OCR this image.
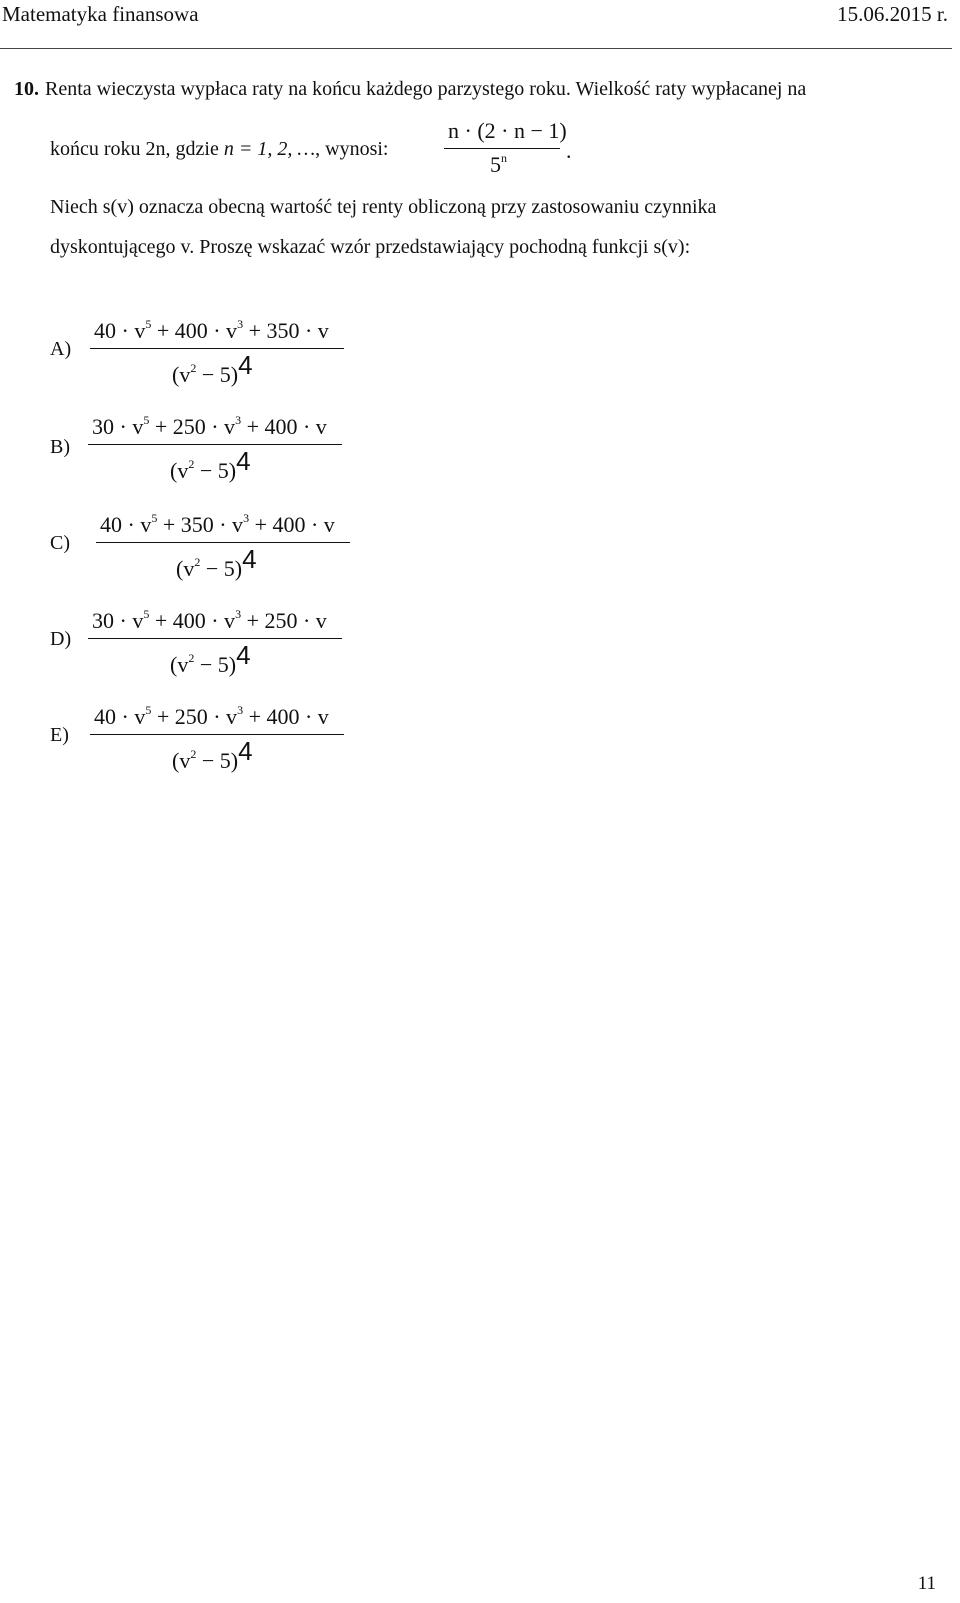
Matematyka finansowa	15.06.2015 r.
10. Renta wieczysta wypłaca raty na końcu każdego parzystego roku. Wielkość raty wypłacanej na
końcu roku 2n, gdzie n = 1, 2, …, wynosi:
n · (2 · n − 1)
5$^n$	.
Niech s(v) oznacza obecną wartość tej renty obliczoną przy zastosowaniu czynnika
dyskontującego v. Proszę wskazać wzór przedstawiający pochodną funkcji s(v):
A)
$40 \cdot v^5 + 400 \cdot v^3 + 350 \cdot v$
$(v^2 - 5)4$
B)
$30 \cdot v^5 + 250 \cdot v^3 + 400 \cdot v$
$(v^2 - 5)4$
C)
$40 \cdot v^5 + 350 \cdot v^3 + 400 \cdot v$
$(v^2 - 5)4$
D)
$30 \cdot v^5 + 400 \cdot v^3 + 250 \cdot v$
$(v^2 - 5)4$
E)
$40 \cdot v^5 + 250 \cdot v^3 + 400 \cdot v$
$(v^2 - 5)4$
11
